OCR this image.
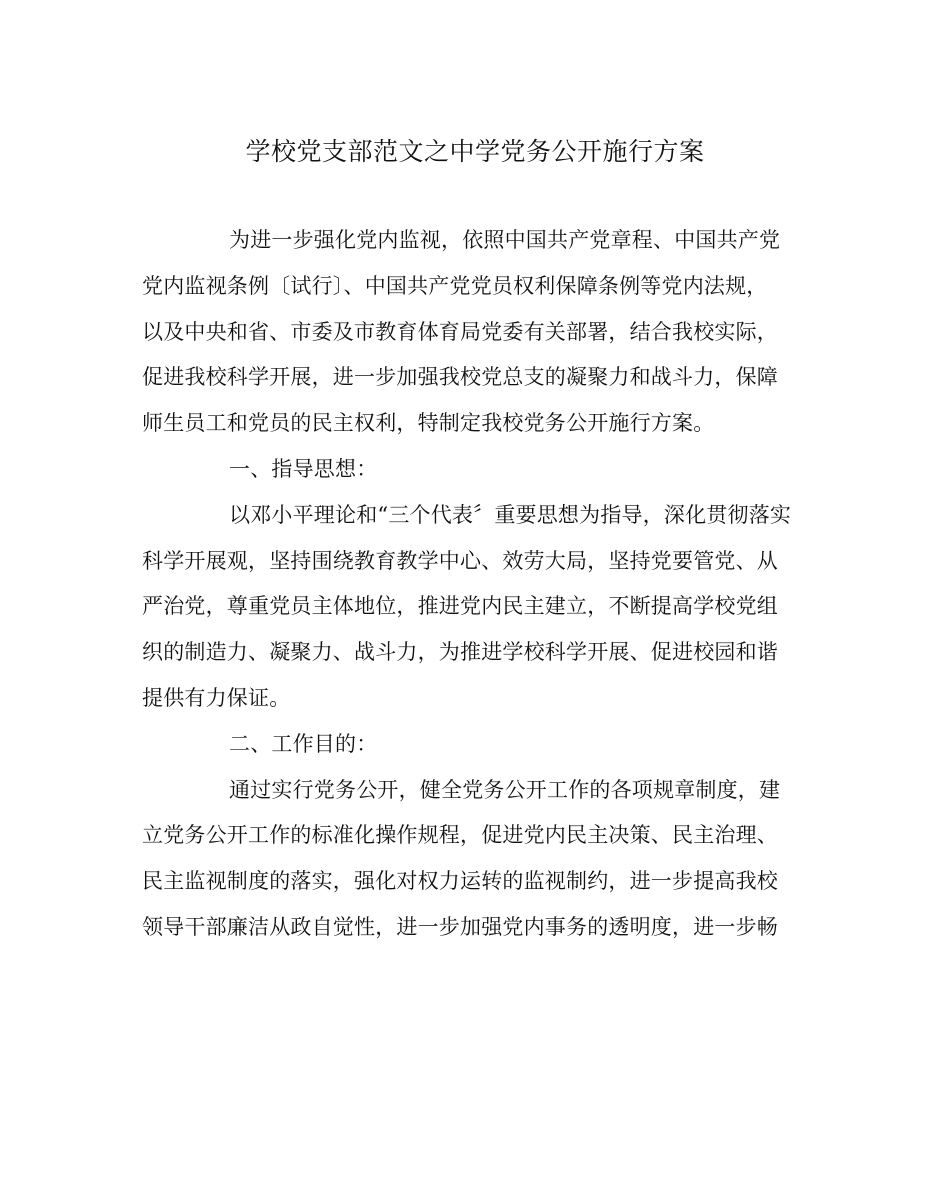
学校党支部范文之中学党务公开施行方案
为进一步强化党内监视，依照中国共产党章程、中国共产党
党内监视条例〔试行〕、中国共产党党员权利保障条例等党内法规，
以及中央和省、市委及市教育体育局党委有关部署，结合我校实际，
促进我校科学开展，进一步加强我校党总支的凝聚力和战斗力，保障
师生员工和党员的民主权利，特制定我校党务公开施行方案。
一、指导思想：
以邓小平理论和“三个代表〞重要思想为指导，深化贯彻落实
科学开展观，坚持围绕教育教学中心、效劳大局，坚持党要管党、从
严治党，尊重党员主体地位，推进党内民主建立，不断提高学校党组
织的制造力、凝聚力、战斗力，为推进学校科学开展、促进校园和谐
提供有力保证。
二、工作目的：
通过实行党务公开，健全党务公开工作的各项规章制度，建
立党务公开工作的标准化操作规程，促进党内民主决策、民主治理、
民主监视制度的落实，强化对权力运转的监视制约，进一步提高我校
领导干部廉洁从政自觉性，进一步加强党内事务的透明度，进一步畅
